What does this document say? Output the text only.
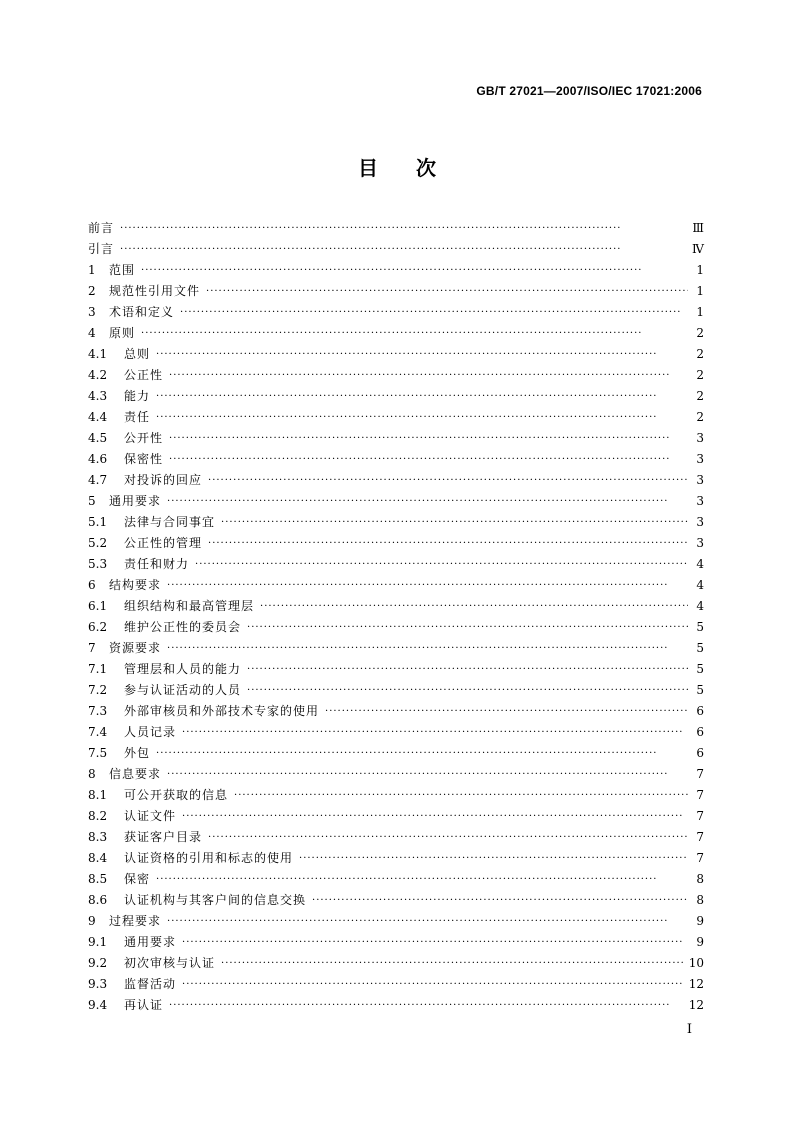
GB/T 27021—2007/ISO/IEC 17021:2006
目 次
前言 ·····	Ⅲ
引言 ·····	Ⅳ
1	范围 ·····	1
2	规范性引用文件 ·····	1
3	术语和定义 ·····	1
4	原则 ·····	2
4.1	总则 ·····	2
4.2	公正性 ·····	2
4.3	能力 ·····	2
4.4	责任 ·····	2
4.5	公开性 ·····	3
4.6	保密性 ·····	3
4.7	对投诉的回应 ·····	3
5	通用要求 ·····	3
5.1	法律与合同事宜 ·····	3
5.2	公正性的管理 ·····	3
5.3	责任和财力 ·····	4
6	结构要求 ·····	4
6.1	组织结构和最高管理层 ·····	4
6.2	维护公正性的委员会 ·····	5
7	资源要求 ·····	5
7.1	管理层和人员的能力 ·····	5
7.2	参与认证活动的人员 ·····	5
7.3	外部审核员和外部技术专家的使用 ·····	6
7.4	人员记录 ·····	6
7.5	外包 ·····	6
8	信息要求 ·····	7
8.1	可公开获取的信息 ·····	7
8.2	认证文件 ·····	7
8.3	获证客户目录 ·····	7
8.4	认证资格的引用和标志的使用 ·····	7
8.5	保密 ·····	8
8.6	认证机构与其客户间的信息交换 ·····	8
9	过程要求 ·····	9
9.1	通用要求 ·····	9
9.2	初次审核与认证 ·····	10
9.3	监督活动 ·····	12
9.4	再认证 ·····	12
I
